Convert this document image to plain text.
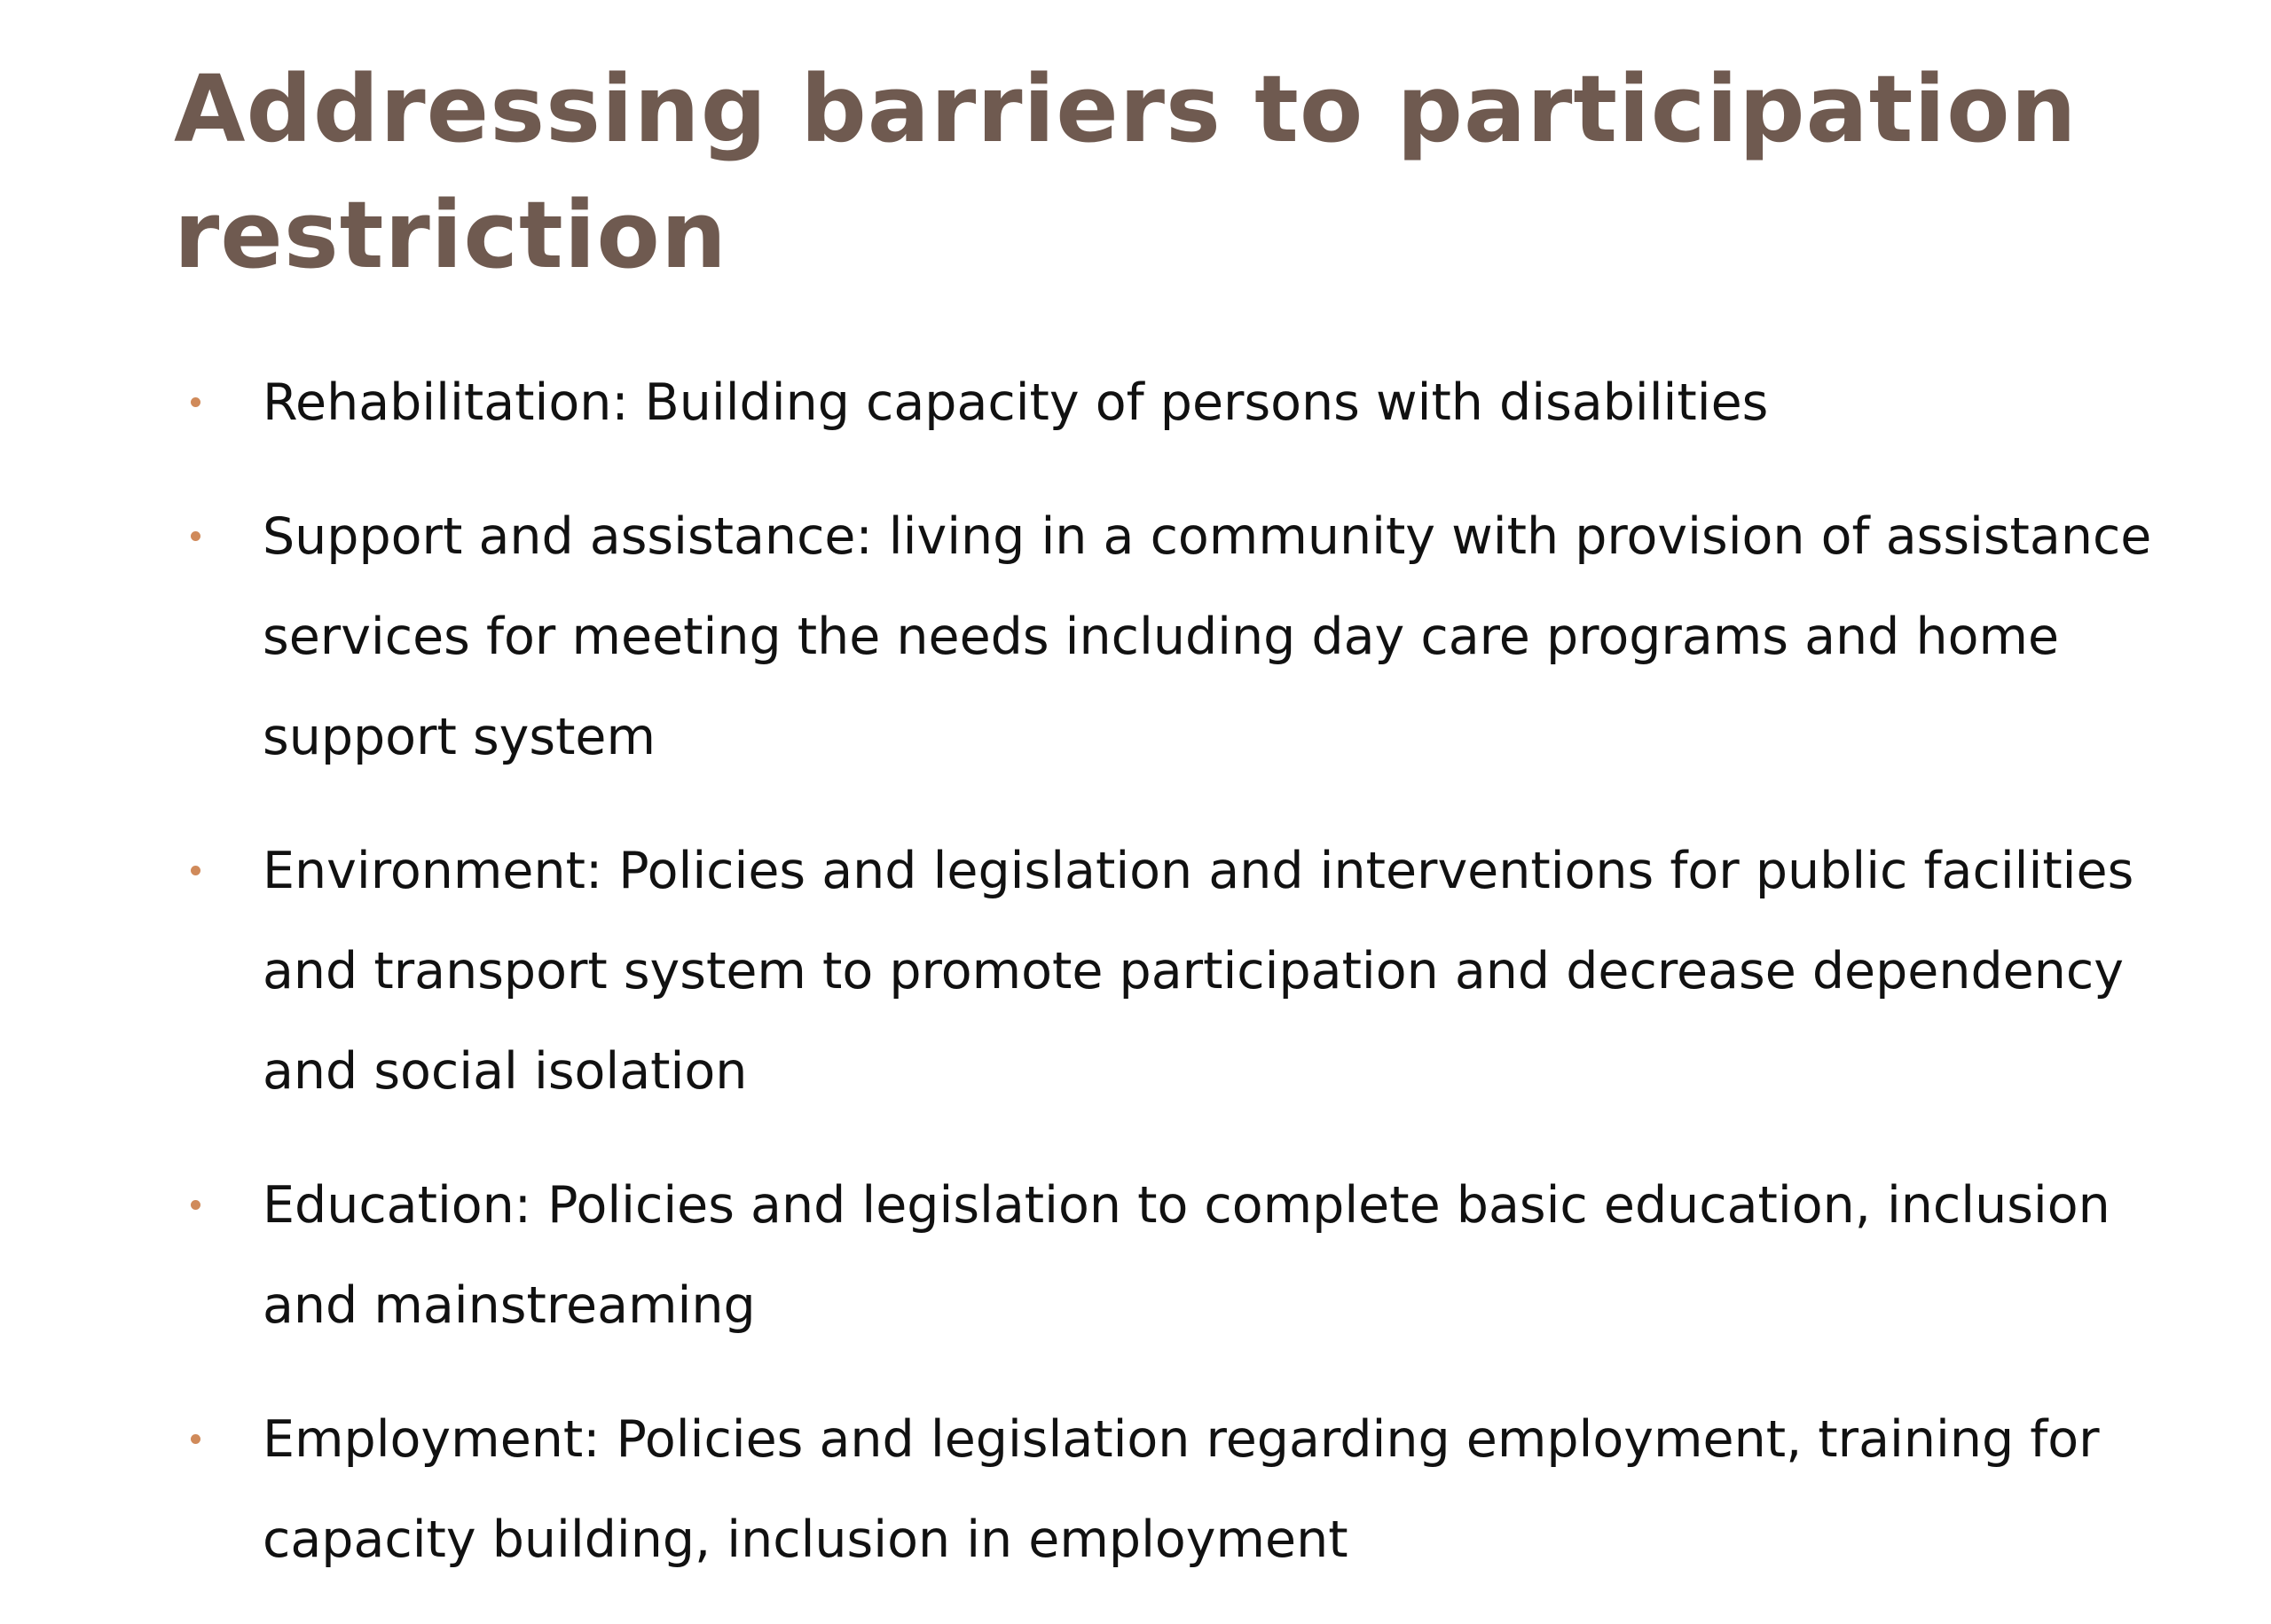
Addressing barriers to participation restriction
Rehabilitation: Building capacity of persons with disabilities
Support and assistance: living in a community with provision of assistance services for meeting the needs including day care programs and home support system
Environment: Policies and legislation and interventions for public facilities and transport system to promote participation and decrease dependency and social isolation
Education: Policies and legislation to complete basic education, inclusion and mainstreaming
Employment: Policies and legislation regarding employment, training for capacity building, inclusion in employment
